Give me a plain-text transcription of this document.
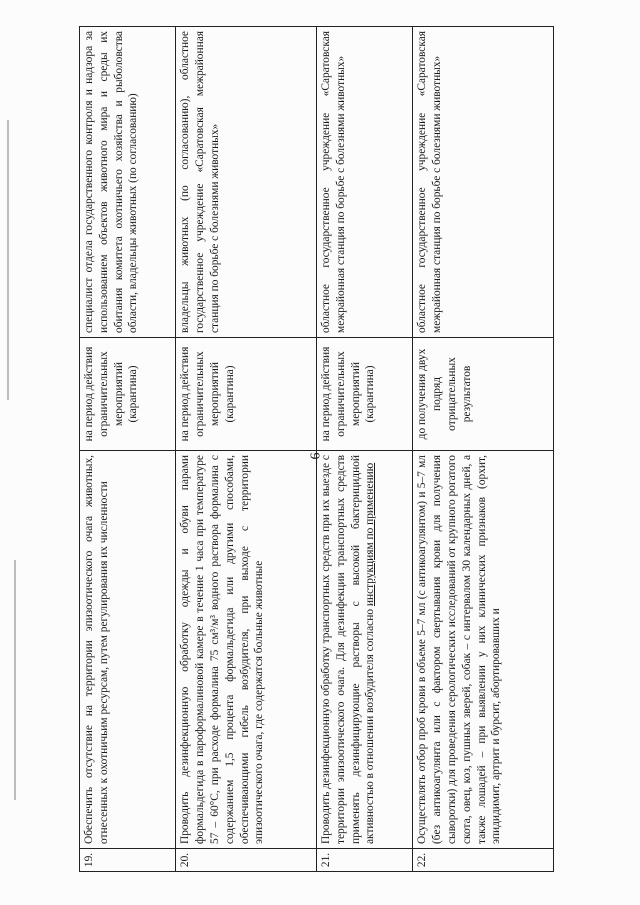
6
19.	Обеспечить отсутствие на территории эпизоотического очага животных, отнесенных к охотничьим ресурсам, путем регулирования их численности	на период действия ограничительных мероприятий (карантина)	специалист отдела государственного контроля и надзора за использованием объектов животного мира и среды их обитания комитета охотничьего хозяйства и рыболовства области, владельцы животных (по согласованию)
20.	Проводить дезинфекционную обработку одежды и обуви парами формальдегида в пароформалиновой камере в течение 1 часа при температуре 57 – 60°С, при расходе формалина 75 см³/м³ водного раствора формалина с содержанием 1,5 процента формальдегида или другими способами, обеспечивающими гибель возбудителя, при выходе с территории эпизоотического очага, где содержатся больные животные	на период действия ограничительных мероприятий (карантина)	владельцы животных (по согласованию), областное государственное учреждение «Саратовская межрайонная станция по борьбе с болезнями животных»
21.	Проводить дезинфекционную обработку транспортных средств при их выезде с территории эпизоотического очага. Для дезинфекции транспортных средств применять дезинфицирующие растворы с высокой бактерицидной активностью в отношении возбудителя согласно инструкциям по применению	на период действия ограничительных мероприятий (карантина)	областное государственное учреждение «Саратовская межрайонная станция по борьбе с болезнями животных»
22.	Осуществлять отбор проб крови в объеме 5–7 мл (с антикоагулянтом) и 5–7 мл (без антикоагулянта или с фактором свертывания крови для получения сыворотки) для проведения серологических исследований от крупного рогатого скота, овец, коз, пушных зверей, собак – с интервалом 30 календарных дней, а также лошадей – при выявлении у них клинических признаков (орхит, эпидидимит, артрит и бурсит, абортировавших и	до получения двух подряд отрицательных результатов	областное государственное учреждение «Саратовская межрайонная станция по борьбе с болезнями животных»
